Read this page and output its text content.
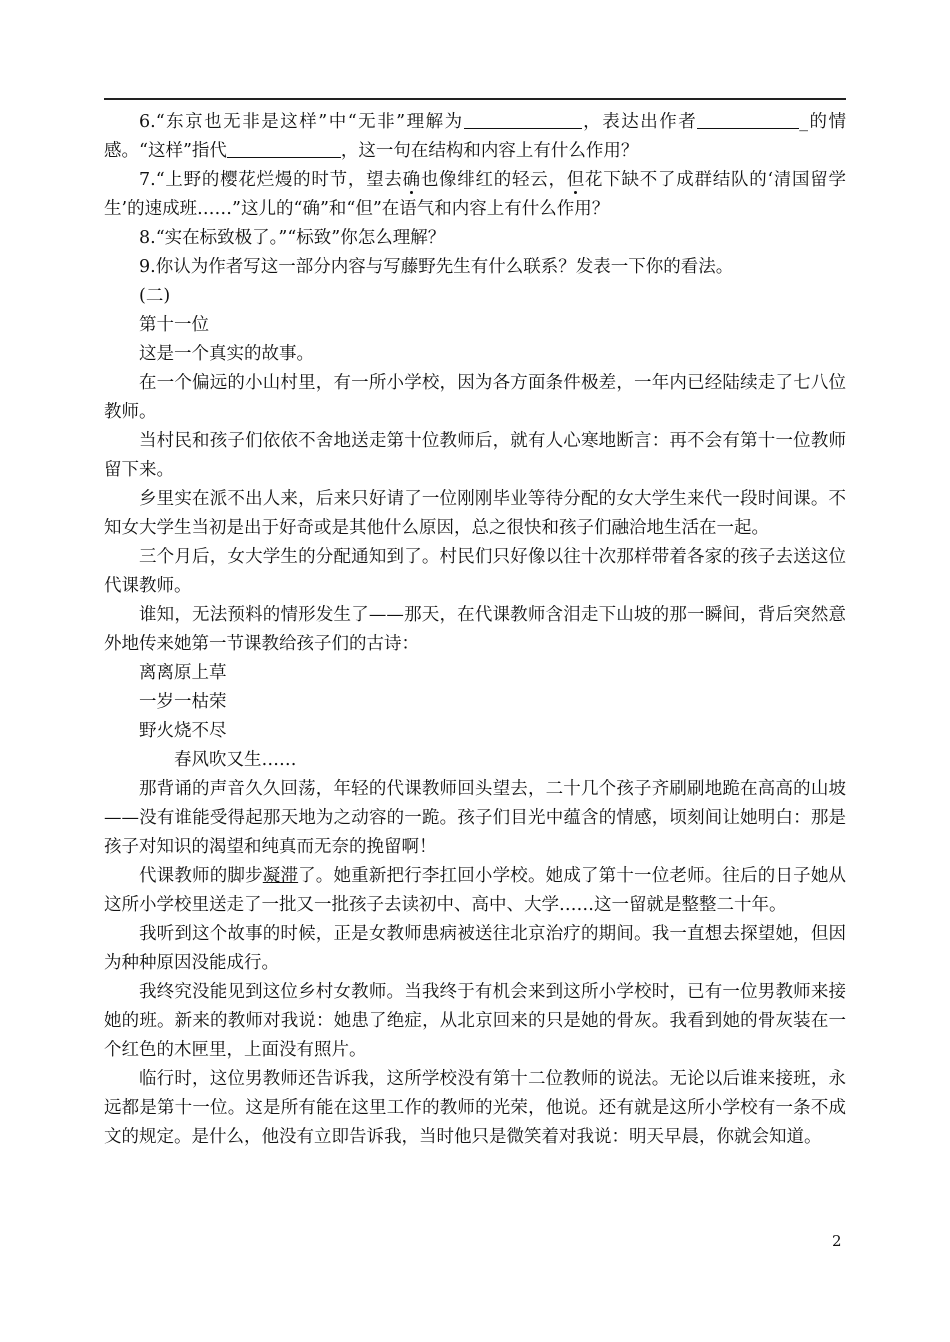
6.“东京也无非是这样”中“无非”理解为	，表达出作者	_的情感。“这样”指代	，这一句在结构和内容上有什么作用？

7.“上野的樱花烂熳的时节，望去确也像绯红的轻云，但花下缺不了成群结队的‘清国留学生’的速成班……”这儿的“确”和“但”在语气和内容上有什么作用？

8.“实在标致极了。”“标致”你怎么理解？

9.你认为作者写这一部分内容与写藤野先生有什么联系？发表一下你的看法。

(二)

第十一位

这是一个真实的故事。

在一个偏远的小山村里，有一所小学校，因为各方面条件极差，一年内已经陆续走了七八位教师。

当村民和孩子们依依不舍地送走第十位教师后，就有人心寒地断言：再不会有第十一位教师留下来。

乡里实在派不出人来，后来只好请了一位刚刚毕业等待分配的女大学生来代一段时间课。不知女大学生当初是出于好奇或是其他什么原因，总之很快和孩子们融洽地生活在一起。

三个月后，女大学生的分配通知到了。村民们只好像以往十次那样带着各家的孩子去送这位代课教师。

谁知，无法预料的情形发生了——那天，在代课教师含泪走下山坡的那一瞬间，背后突然意外地传来她第一节课教给孩子们的古诗：

离离原上草

一岁一枯荣

野火烧不尽

春风吹又生……

那背诵的声音久久回荡，年轻的代课教师回头望去，二十几个孩子齐刷刷地跪在高高的山坡——没有谁能受得起那天地为之动容的一跪。孩子们目光中蕴含的情感，顷刻间让她明白：那是孩子对知识的渴望和纯真而无奈的挽留啊！

代课教师的脚步凝滞了。她重新把行李扛回小学校。她成了第十一位老师。往后的日子她从这所小学校里送走了一批又一批孩子去读初中、高中、大学……这一留就是整整二十年。

我听到这个故事的时候，正是女教师患病被送往北京治疗的期间。我一直想去探望她，但因为种种原因没能成行。

我终究没能见到这位乡村女教师。当我终于有机会来到这所小学校时，已有一位男教师来接她的班。新来的教师对我说：她患了绝症，从北京回来的只是她的骨灰。我看到她的骨灰装在一个红色的木匣里，上面没有照片。

临行时，这位男教师还告诉我，这所学校没有第十二位教师的说法。无论以后谁来接班，永远都是第十一位。这是所有能在这里工作的教师的光荣，他说。还有就是这所小学校有一条不成文的规定。是什么，他没有立即告诉我，当时他只是微笑着对我说：明天早晨，你就会知道。

2
